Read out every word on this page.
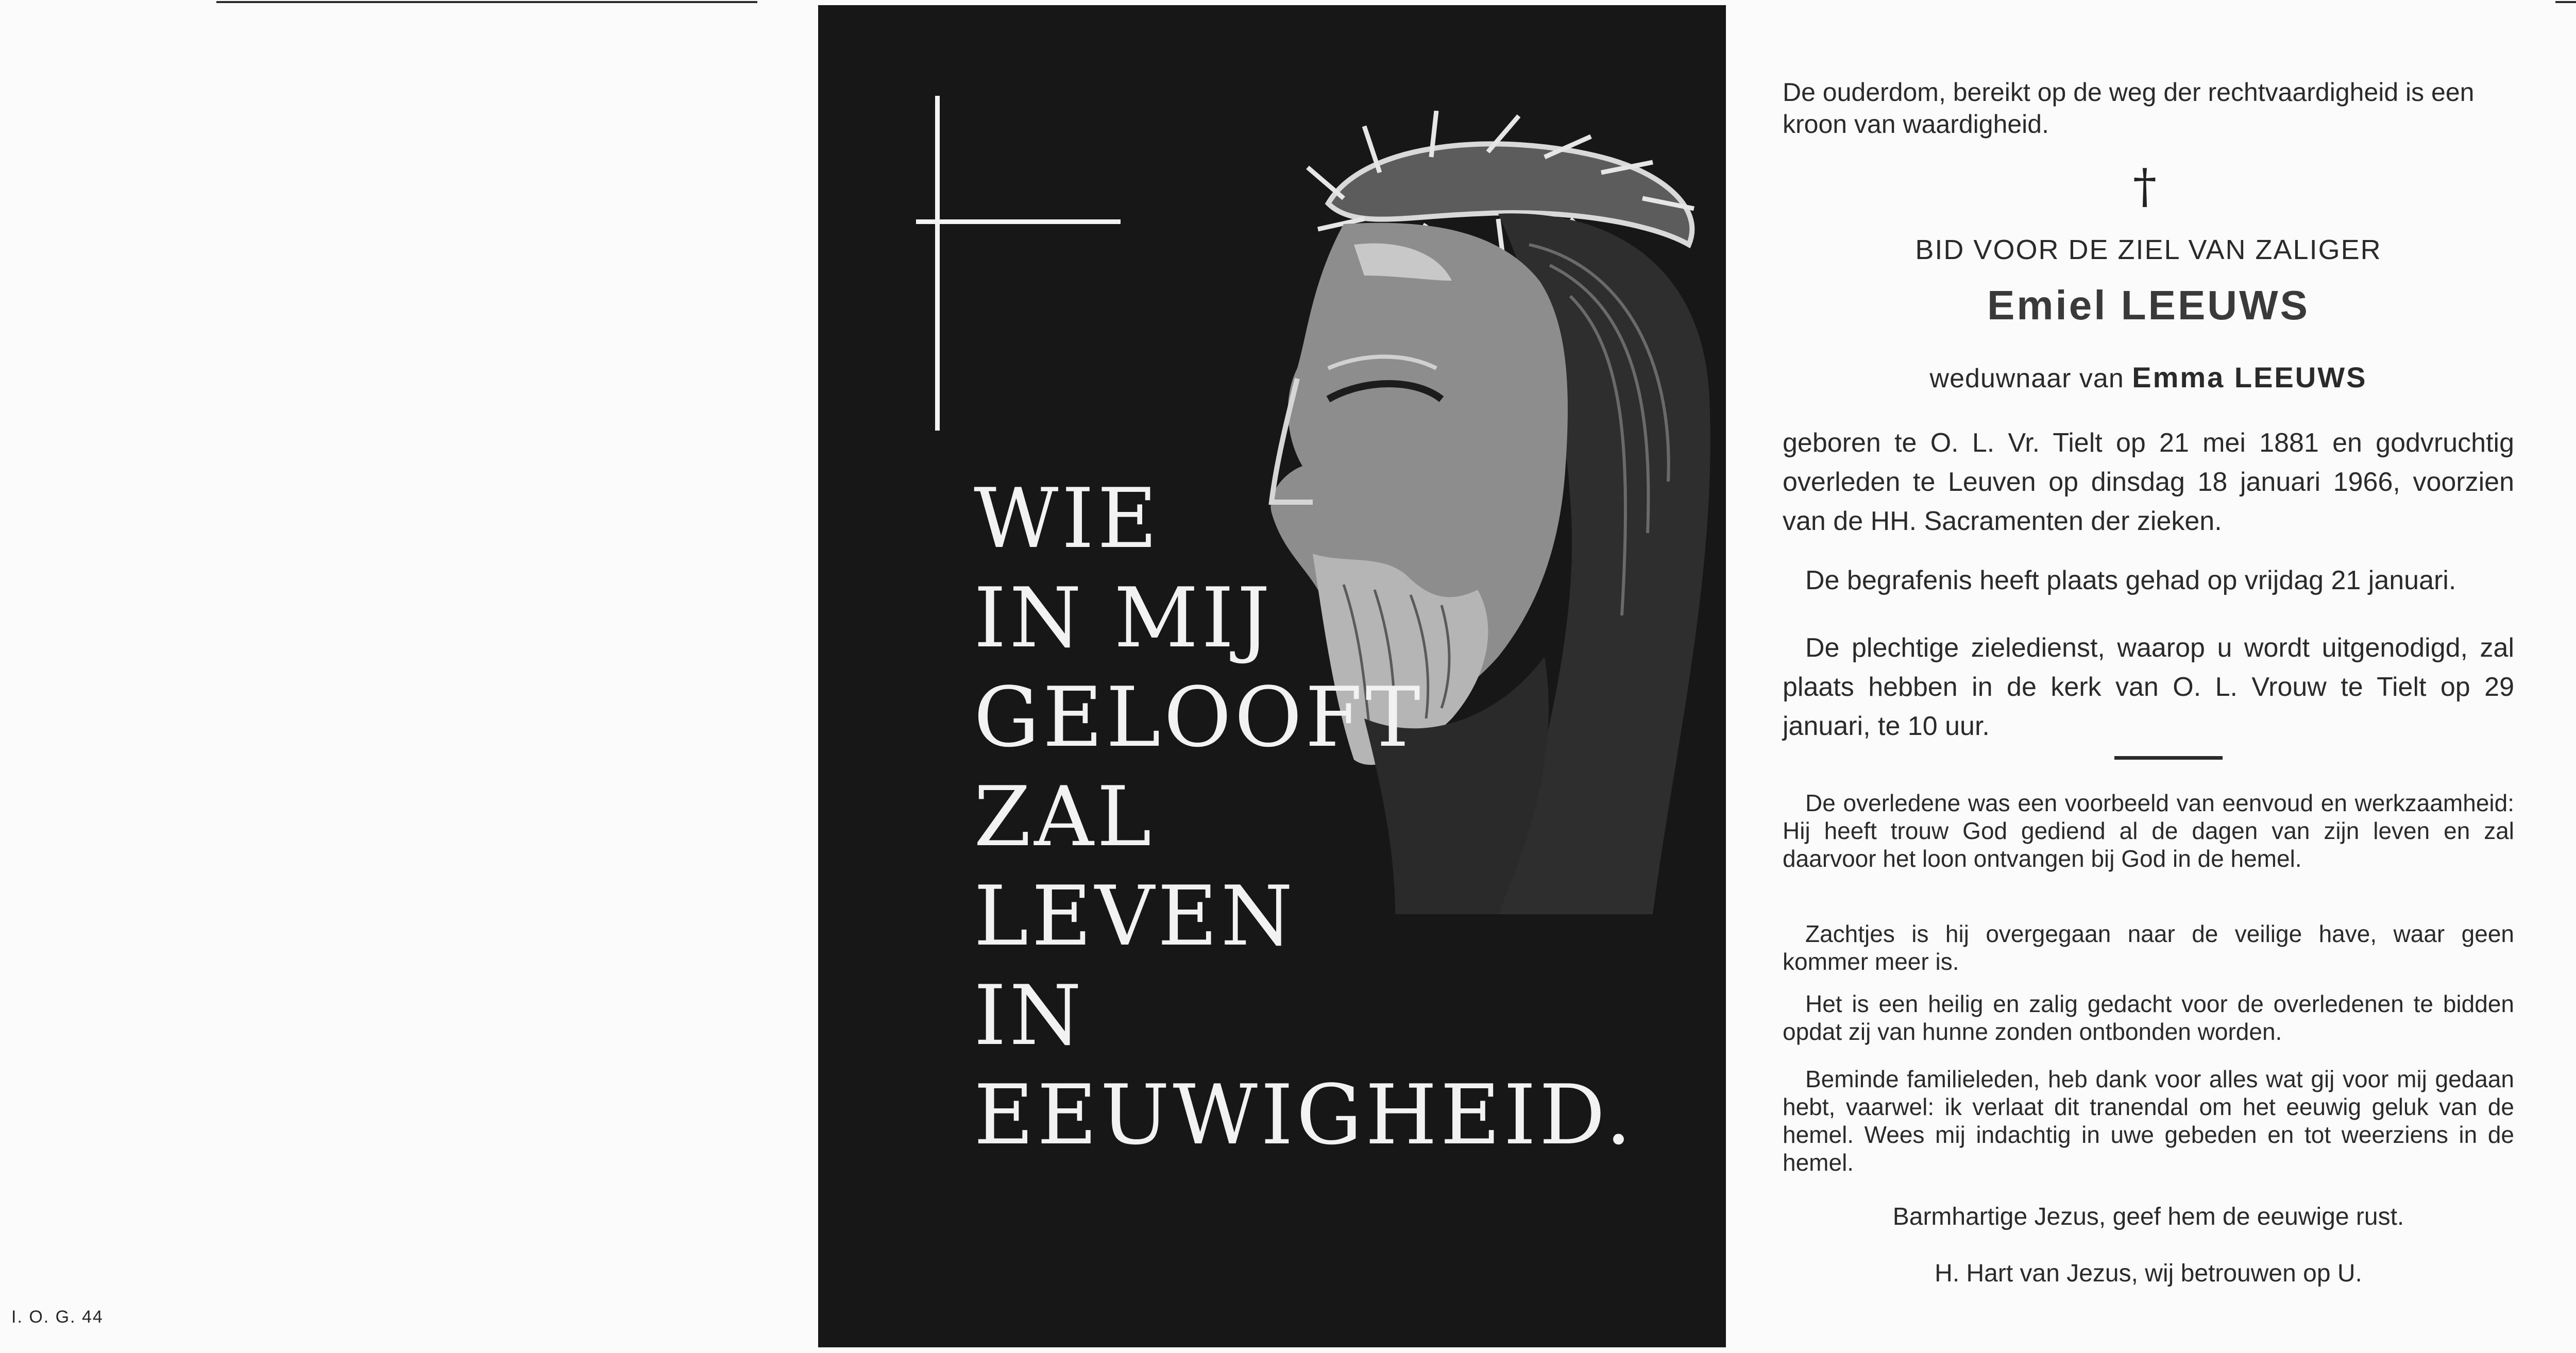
I. O. G. 44
WIE
IN MIJ
GELOOFT
ZAL
LEVEN
IN
EEUWIGHEID.
De ouderdom, bereikt op de weg der rechtvaardigheid is een kroon van waardigheid.
†
BID VOOR DE ZIEL VAN ZALIGER
Emiel LEEUWS
weduwnaar van Emma LEEUWS
geboren te O. L. Vr. Tielt op 21 mei 1881 en godvruchtig overleden te Leuven op dinsdag 18 januari 1966, voorzien van de HH. Sacramenten der zieken.
De begrafenis heeft plaats gehad op vrijdag 21 januari.
De plechtige zieledienst, waarop u wordt uitgenodigd, zal plaats hebben in de kerk van O. L. Vrouw te Tielt op 29 januari, te 10 uur.
De overledene was een voorbeeld van eenvoud en werkzaamheid: Hij heeft trouw God gediend al de dagen van zijn leven en zal daarvoor het loon ontvangen bij God in de hemel.
Zachtjes is hij overgegaan naar de veilige have, waar geen kommer meer is.
Het is een heilig en zalig gedacht voor de overledenen te bidden opdat zij van hunne zonden ontbonden worden.
Beminde familieleden, heb dank voor alles wat gij voor mij gedaan hebt, vaarwel: ik verlaat dit tranendal om het eeuwig geluk van de hemel. Wees mij indachtig in uwe gebeden en tot weerziens in de hemel.
Barmhartige Jezus, geef hem de eeuwige rust.
H. Hart van Jezus, wij betrouwen op U.
